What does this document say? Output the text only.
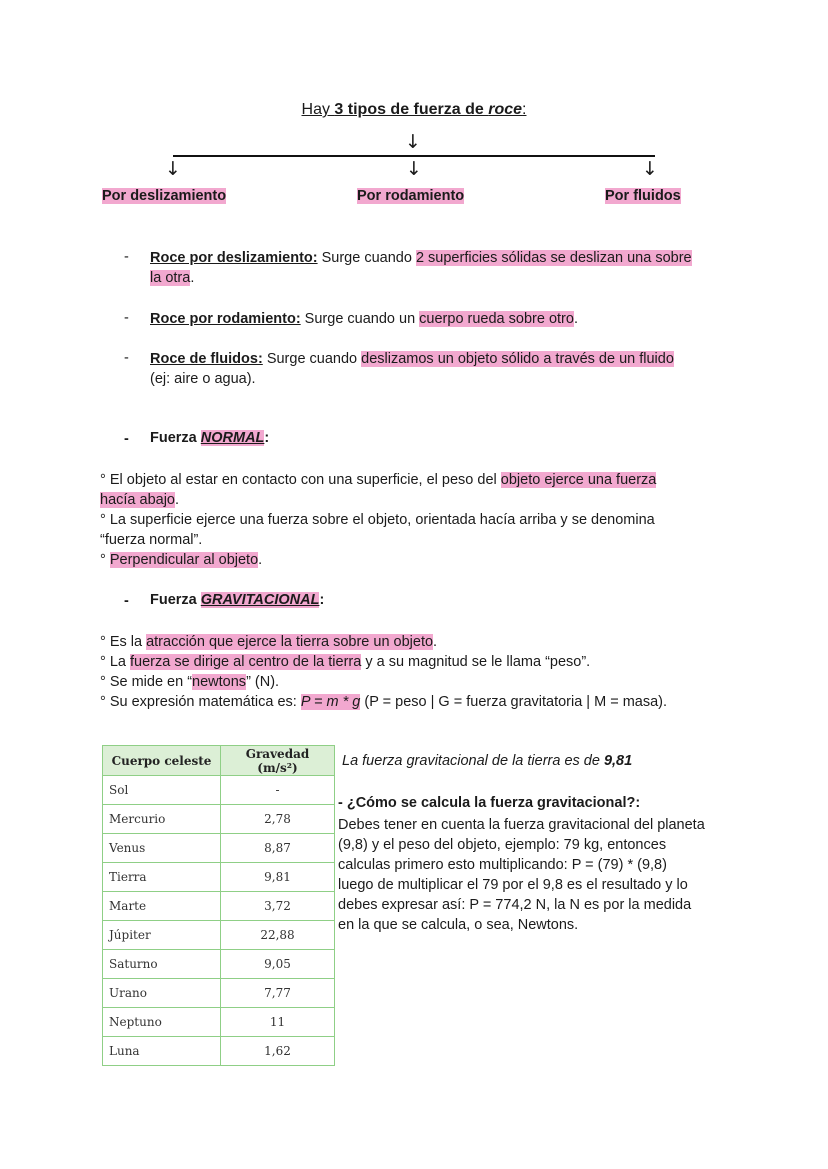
Hay 3 tipos de fuerza de roce:
↓
↓	↓	↓
Por deslizamiento	Por rodamiento	Por fluidos
- Roce por deslizamiento: Surge cuando 2 superficies sólidas se deslizan una sobre
la otra.
- Roce por rodamiento: Surge cuando un cuerpo rueda sobre otro.
- Roce de fluidos: Surge cuando deslizamos un objeto sólido a través de un fluido
(ej: aire o agua).
- Fuerza NORMAL:
° El objeto al estar en contacto con una superficie, el peso del objeto ejerce una fuerza
hacía abajo.
° La superficie ejerce una fuerza sobre el objeto, orientada hacía arriba y se denomina
“fuerza normal”.
° Perpendicular al objeto.
- Fuerza GRAVITACIONAL:
° Es la atracción que ejerce la tierra sobre un objeto.
° La fuerza se dirige al centro de la tierra y a su magnitud se le llama “peso”.
° Se mide en “newtons” (N).
° Su expresión matemática es: P = m * g (P = peso | G = fuerza gravitatoria | M = masa).
Cuerpo celeste	Gravedad (m/s²)
Sol	-
Mercurio	2,78
Venus	8,87
Tierra	9,81
Marte	3,72
Júpiter	22,88
Saturno	9,05
Urano	7,77
Neptuno	11
Luna	1,62
La fuerza gravitacional de la tierra es de 9,81
- ¿Cómo se calcula la fuerza gravitacional?:
Debes tener en cuenta la fuerza gravitacional del planeta
(9,8) y el peso del objeto, ejemplo: 79 kg, entonces
calculas primero esto multiplicando: P = (79) * (9,8)
luego de multiplicar el 79 por el 9,8 es el resultado y lo
debes expresar así: P = 774,2 N, la N es por la medida
en la que se calcula, o sea, Newtons.
